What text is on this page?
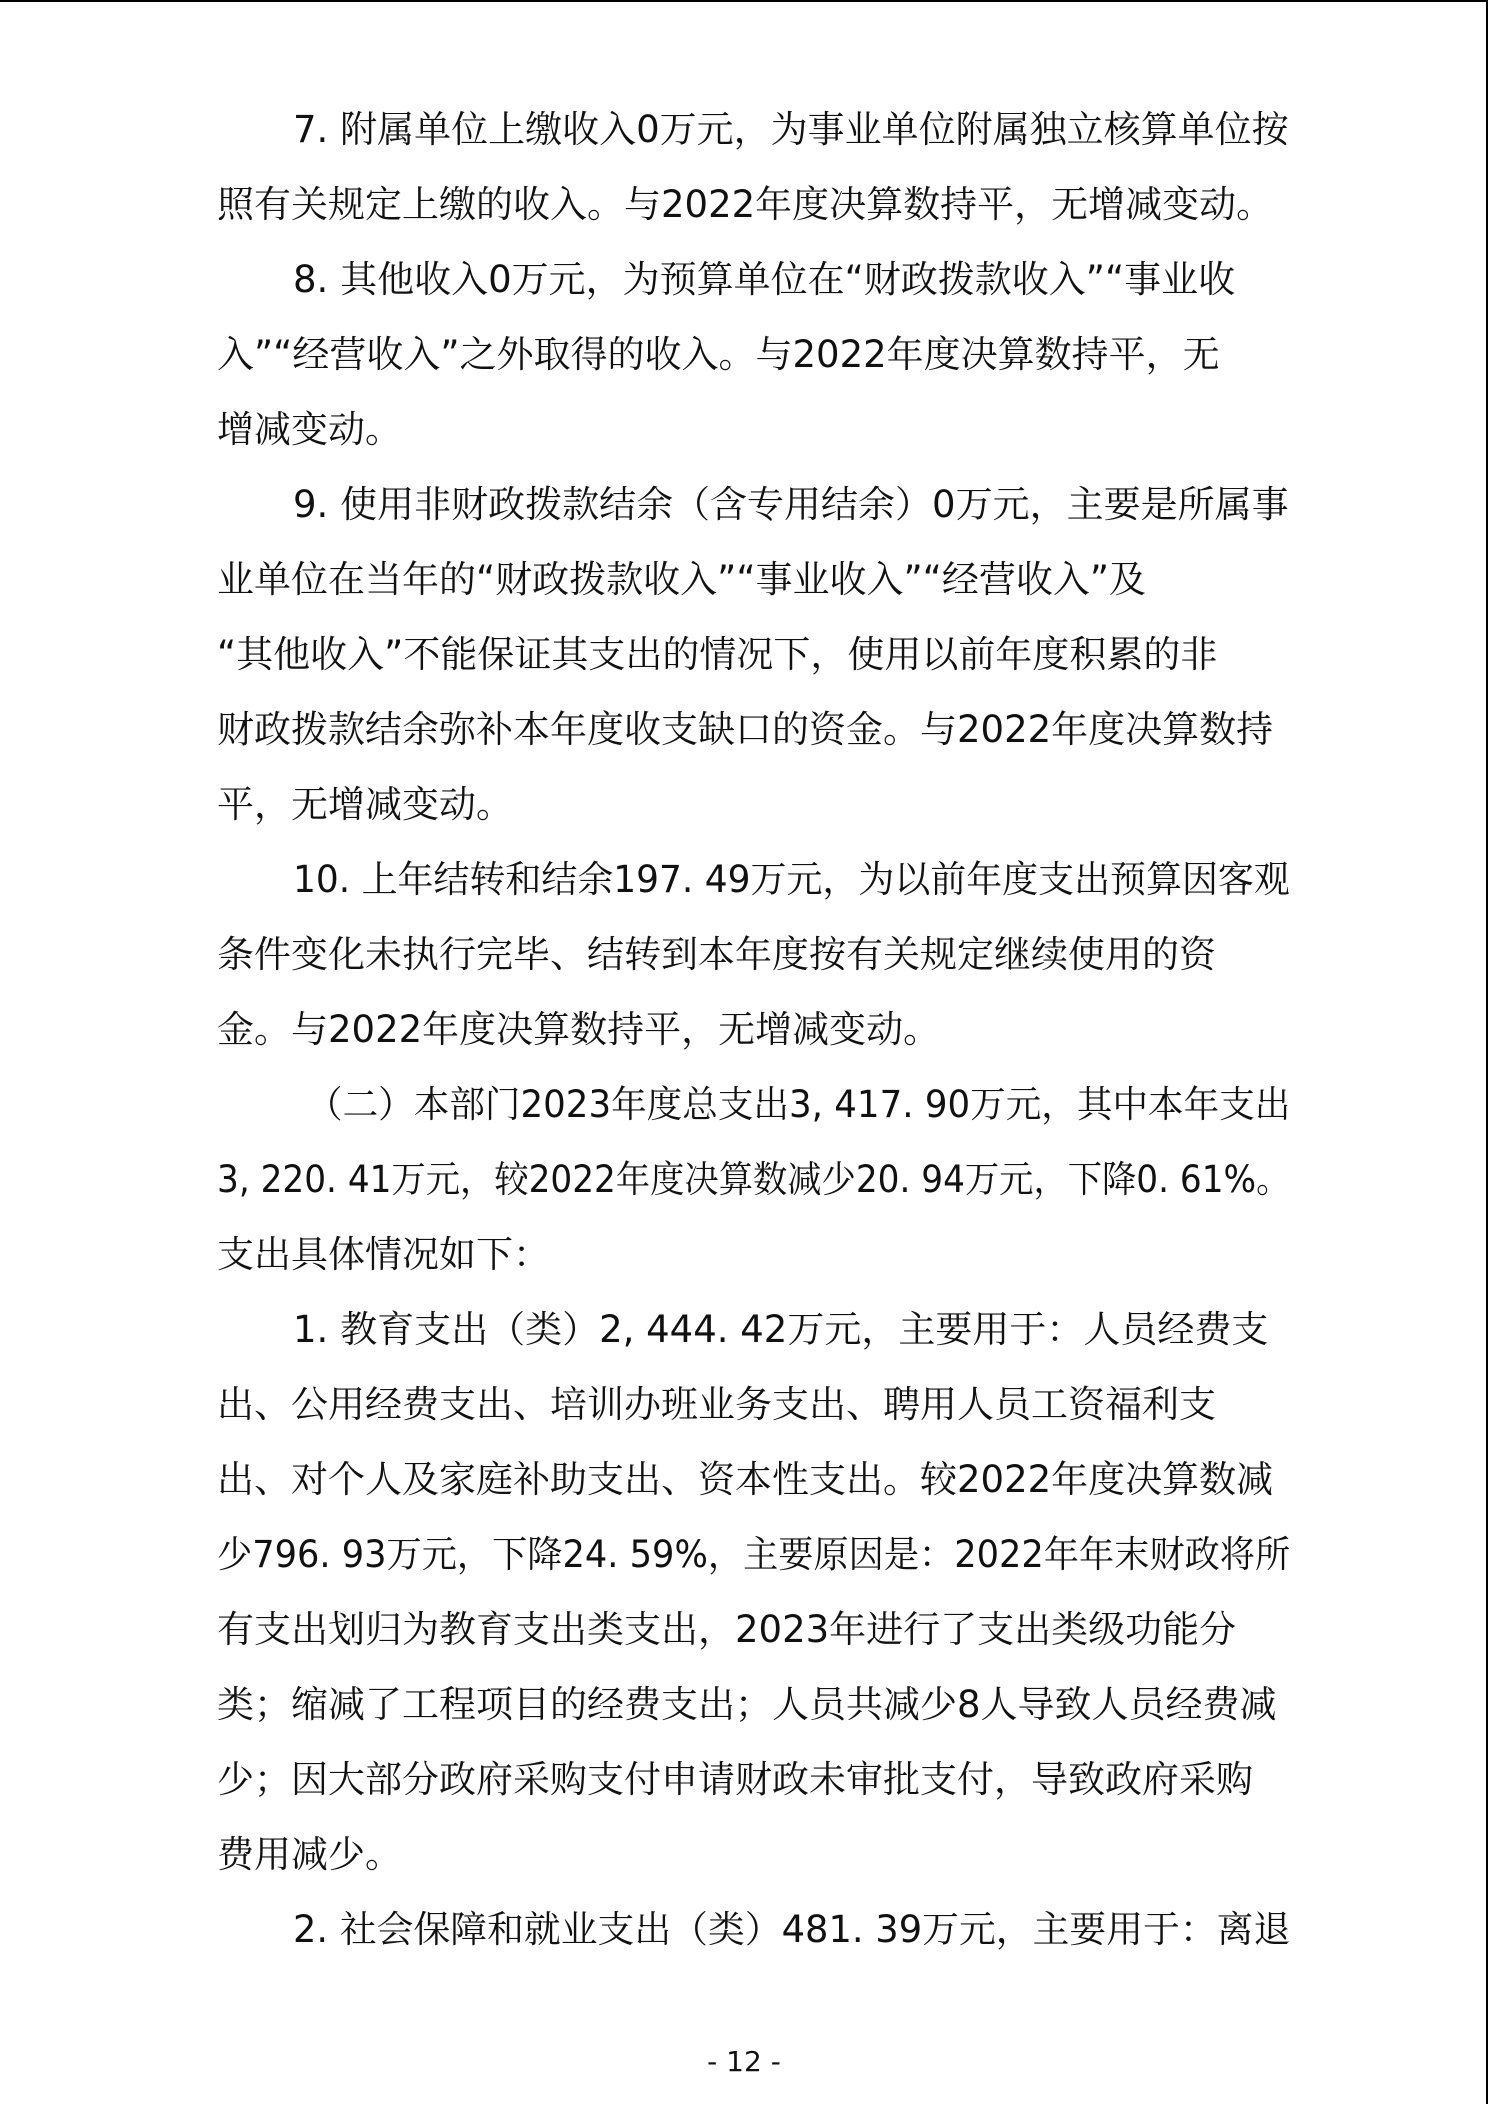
7. 附属单位上缴收入0万元，为事业单位附属独立核算单位按
照有关规定上缴的收入。与2022年度决算数持平，无增减变动。
8. 其他收入0万元，为预算单位在“财政拨款收入”“事业收
入”“经营收入”之外取得的收入。与2022年度决算数持平，无
增减变动。
9. 使用非财政拨款结余（含专用结余）0万元，主要是所属事
业单位在当年的“财政拨款收入”“事业收入”“经营收入”及
“其他收入”不能保证其支出的情况下，使用以前年度积累的非
财政拨款结余弥补本年度收支缺口的资金。与2022年度决算数持
平，无增减变动。
10. 上年结转和结余197. 49万元，为以前年度支出预算因客观
条件变化未执行完毕、结转到本年度按有关规定继续使用的资
金。与2022年度决算数持平，无增减变动。
（二）本部门2023年度总支出3, 417. 90万元，其中本年支出
3, 220. 41万元，较2022年度决算数减少20. 94万元，下降0. 61%。
支出具体情况如下：
1. 教育支出（类）2, 444. 42万元，主要用于：人员经费支
出、公用经费支出、培训办班业务支出、聘用人员工资福利支
出、对个人及家庭补助支出、资本性支出。较2022年度决算数减
少796. 93万元，下降24. 59%，主要原因是：2022年年末财政将所
有支出划归为教育支出类支出，2023年进行了支出类级功能分
类；缩减了工程项目的经费支出；人员共减少8人导致人员经费减
少；因大部分政府采购支付申请财政未审批支付，导致政府采购
费用减少。
2. 社会保障和就业支出（类）481. 39万元，主要用于：离退
- 12 -
